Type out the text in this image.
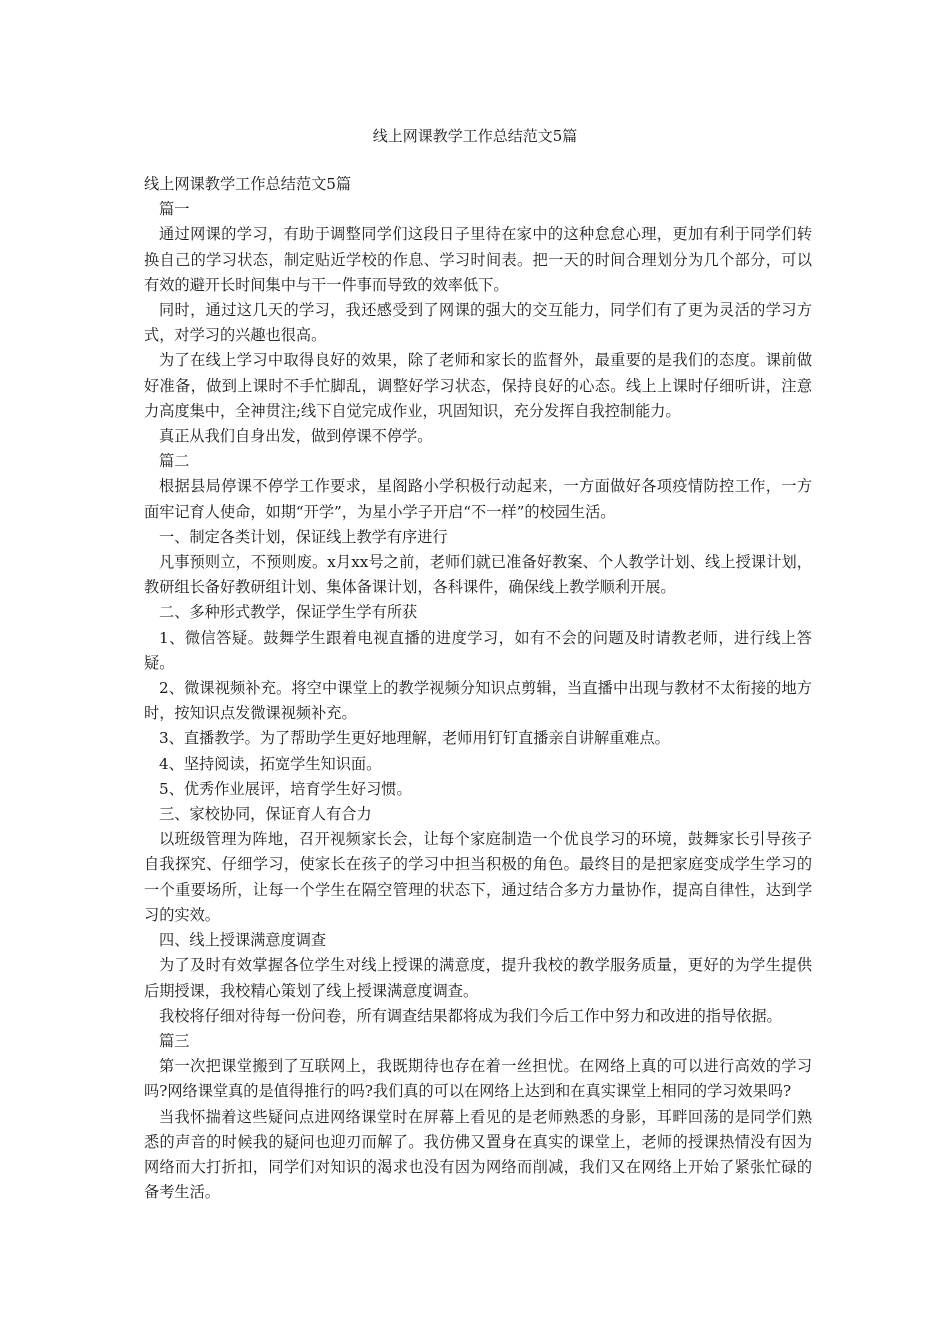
线上网课教学工作总结范文5篇

线上网课教学工作总结范文5篇

篇一

通过网课的学习，有助于调整同学们这段日子里待在家中的这种怠怠心理，更加有利于同学们转换自己的学习状态，制定贴近学校的作息、学习时间表。把一天的时间合理划分为几个部分，可以有效的避开长时间集中与干一件事而导致的效率低下。

同时，通过这几天的学习，我还感受到了网课的强大的交互能力，同学们有了更为灵活的学习方式，对学习的兴趣也很高。

为了在线上学习中取得良好的效果，除了老师和家长的监督外，最重要的是我们的态度。课前做好准备，做到上课时不手忙脚乱，调整好学习状态，保持良好的心态。线上上课时仔细听讲，注意力高度集中，全神贯注;线下自觉完成作业，巩固知识，充分发挥自我控制能力。

真正从我们自身出发，做到停课不停学。

篇二

根据县局停课不停学工作要求，星阁路小学积极行动起来，一方面做好各项疫情防控工作，一方面牢记育人使命，如期“开学”，为星小学子开启“不一样”的校园生活。

一、制定各类计划，保证线上教学有序进行

凡事预则立，不预则废。x月xx号之前，老师们就已准备好教案、个人教学计划、线上授课计划，教研组长备好教研组计划、集体备课计划，各科课件，确保线上教学顺利开展。

二、多种形式教学，保证学生学有所获

1、微信答疑。鼓舞学生跟着电视直播的进度学习，如有不会的问题及时请教老师，进行线上答疑。

2、微课视频补充。将空中课堂上的教学视频分知识点剪辑，当直播中出现与教材不太衔接的地方时，按知识点发微课视频补充。

3、直播教学。为了帮助学生更好地理解，老师用钉钉直播亲自讲解重难点。

4、坚持阅读，拓宽学生知识面。

5、优秀作业展评，培育学生好习惯。

三、家校协同，保证育人有合力

以班级管理为阵地，召开视频家长会，让每个家庭制造一个优良学习的环境，鼓舞家长引导孩子自我探究、仔细学习，使家长在孩子的学习中担当积极的角色。最终目的是把家庭变成学生学习的一个重要场所，让每一个学生在隔空管理的状态下，通过结合多方力量协作，提高自律性，达到学习的实效。

四、线上授课满意度调查

为了及时有效掌握各位学生对线上授课的满意度，提升我校的教学服务质量，更好的为学生提供后期授课，我校精心策划了线上授课满意度调查。

我校将仔细对待每一份问卷，所有调查结果都将成为我们今后工作中努力和改进的指导依据。

篇三

第一次把课堂搬到了互联网上，我既期待也存在着一丝担忧。在网络上真的可以进行高效的学习吗?网络课堂真的是值得推行的吗?我们真的可以在网络上达到和在真实课堂上相同的学习效果吗?

当我怀揣着这些疑问点进网络课堂时在屏幕上看见的是老师熟悉的身影，耳畔回荡的是同学们熟悉的声音的时候我的疑问也迎刃而解了。我仿佛又置身在真实的课堂上，老师的授课热情没有因为网络而大打折扣，同学们对知识的渴求也没有因为网络而削减，我们又在网络上开始了紧张忙碌的备考生活。
